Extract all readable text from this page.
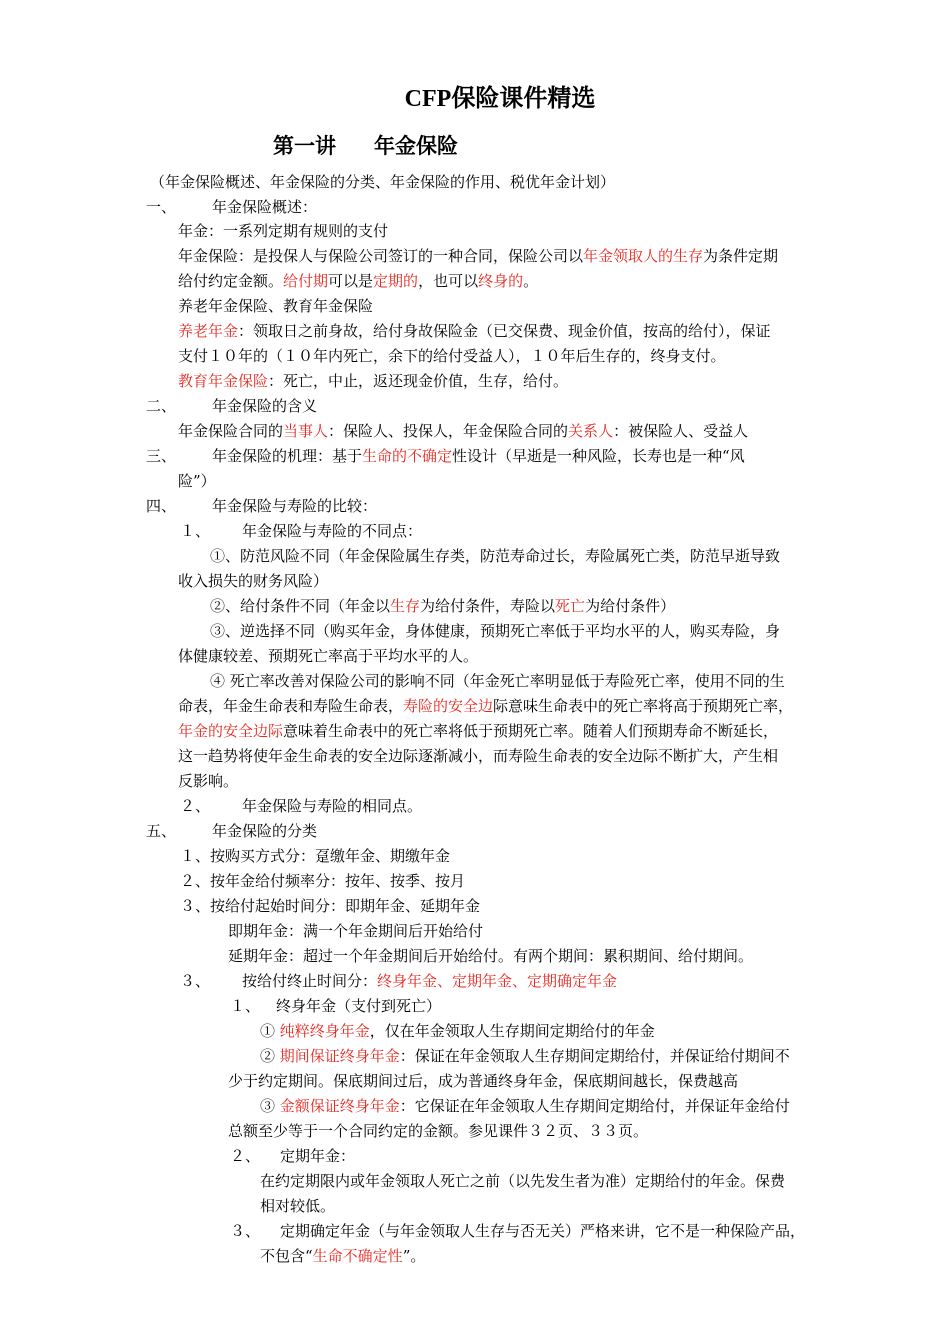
CFP保险课件精选
第一讲 年金保险
（年金保险概述、年金保险的分类、年金保险的作用、税优年金计划）
一、 年金保险概述：
年金：一系列定期有规则的支付
年金保险：是投保人与保险公司签订的一种合同，保险公司以年金领取人的生存为条件定期
给付约定金额。给付期可以是定期的，也可以终身的。
养老年金保险、教育年金保险
养老年金：领取日之前身故，给付身故保险金（已交保费、现金价值，按高的给付），保证
支付１０年的（１０年内死亡，余下的给付受益人），１０年后生存的，终身支付。
教育年金保险：死亡，中止，返还现金价值，生存，给付。
二、 年金保险的含义
年金保险合同的当事人：保险人、投保人，年金保险合同的关系人：被保险人、受益人
三、 年金保险的机理：基于生命的不确定性设计（早逝是一种风险，长寿也是一种“风
险”）
四、 年金保险与寿险的比较：
１、 年金保险与寿险的不同点：
①、防范风险不同（年金保险属生存类，防范寿命过长，寿险属死亡类，防范早逝导致
收入损失的财务风险）
②、给付条件不同（年金以生存为给付条件，寿险以死亡为给付条件）
③、逆选择不同（购买年金，身体健康，预期死亡率低于平均水平的人，购买寿险，身
体健康较差、预期死亡率高于平均水平的人。
④ 死亡率改善对保险公司的影响不同（年金死亡率明显低于寿险死亡率，使用不同的生
命表，年金生命表和寿险生命表，寿险的安全边际意味生命表中的死亡率将高于预期死亡率，
年金的安全边际意味着生命表中的死亡率将低于预期死亡率。随着人们预期寿命不断延长，
这一趋势将使年金生命表的安全边际逐渐减小，而寿险生命表的安全边际不断扩大，产生相
反影响。
２、 年金保险与寿险的相同点。
五、 年金保险的分类
１、按购买方式分：趸缴年金、期缴年金
２、按年金给付频率分：按年、按季、按月
３、按给付起始时间分：即期年金、延期年金
即期年金：满一个年金期间后开始给付
延期年金：超过一个年金期间后开始给付。有两个期间：累积期间、给付期间。
３、 按给付终止时间分：终身年金、定期年金、定期确定年金
１、 终身年金（支付到死亡）
① 纯粹终身年金，仅在年金领取人生存期间定期给付的年金
② 期间保证终身年金：保证在年金领取人生存期间定期给付，并保证给付期间不
少于约定期间。保底期间过后，成为普通终身年金，保底期间越长，保费越高
③ 金额保证终身年金：它保证在年金领取人生存期间定期给付，并保证年金给付
总额至少等于一个合同约定的金额。参见课件３２页、３３页。
２、 定期年金：
在约定期限内或年金领取人死亡之前（以先发生者为准）定期给付的年金。保费
相对较低。
３、 定期确定年金（与年金领取人生存与否无关）严格来讲，它不是一种保险产品，
不包含“生命不确定性”。
